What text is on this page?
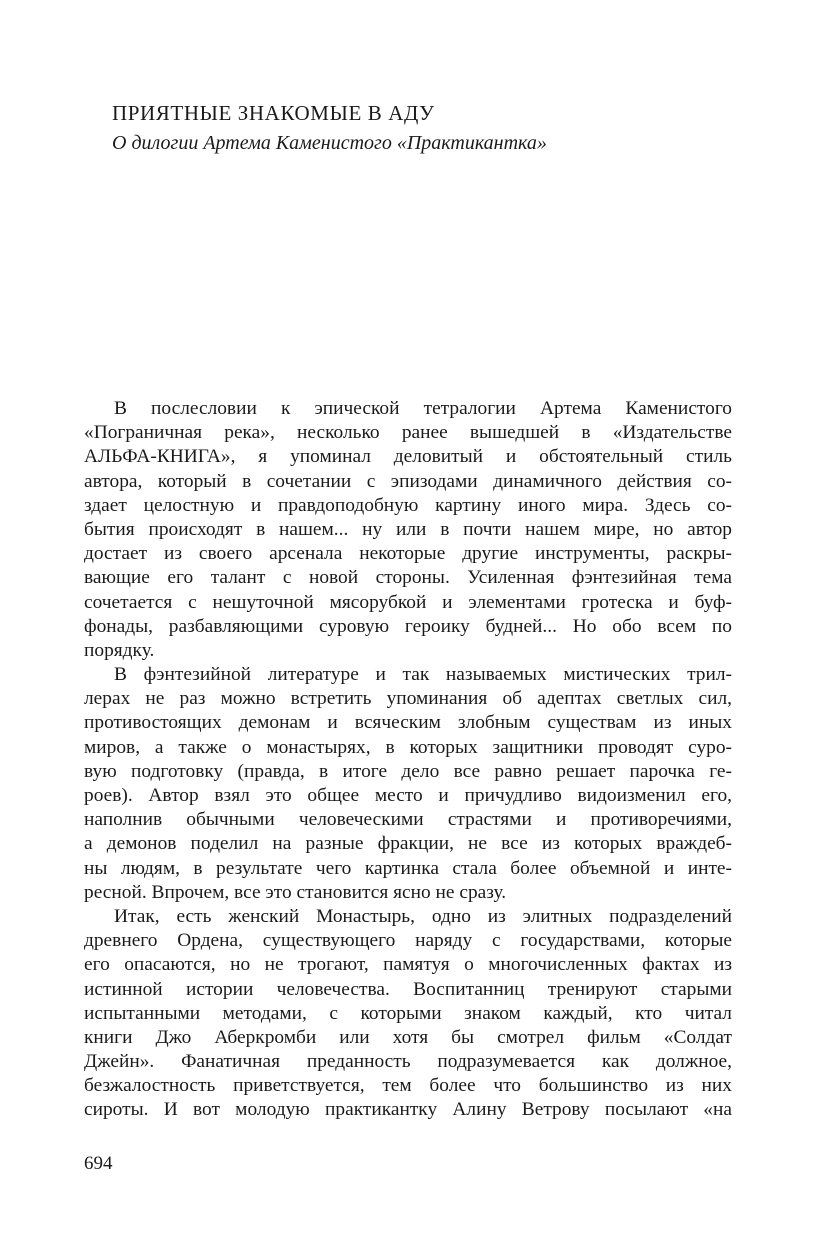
ПРИЯТНЫЕ ЗНАКОМЫЕ В АДУ

О дилогии Артема Каменистого «Практикантка»

В послесловии к эпической тетралогии Артема Каменистого
«Пограничная река», несколько ранее вышедшей в «Издательстве
АЛЬФА-КНИГА», я упоминал деловитый и обстоятельный стиль
автора, который в сочетании с эпизодами динамичного действия со-
здает целостную и правдоподобную картину иного мира. Здесь со-
бытия происходят в нашем... ну или в почти нашем мире, но автор
достает из своего арсенала некоторые другие инструменты, раскры-
вающие его талант с новой стороны. Усиленная фэнтезийная тема
сочетается с нешуточной мясорубкой и элементами гротеска и буф-
фонады, разбавляющими суровую героику будней... Но обо всем по
порядку.
В фэнтезийной литературе и так называемых мистических трил-
лерах не раз можно встретить упоминания об адептах светлых сил,
противостоящих демонам и всяческим злобным существам из иных
миров, а также о монастырях, в которых защитники проводят суро-
вую подготовку (правда, в итоге дело все равно решает парочка ге-
роев). Автор взял это общее место и причудливо видоизменил его,
наполнив обычными человеческими страстями и противоречиями,
а демонов поделил на разные фракции, не все из которых враждеб-
ны людям, в результате чего картинка стала более объемной и инте-
ресной. Впрочем, все это становится ясно не сразу.
Итак, есть женский Монастырь, одно из элитных подразделений
древнего Ордена, существующего наряду с государствами, которые
его опасаются, но не трогают, памятуя о многочисленных фактах из
истинной истории человечества. Воспитанниц тренируют старыми
испытанными методами, с которыми знаком каждый, кто читал
книги Джо Аберкромби или хотя бы смотрел фильм «Солдат
Джейн». Фанатичная преданность подразумевается как должное,
безжалостность приветствуется, тем более что большинство из них
сироты. И вот молодую практикантку Алину Ветрову посылают «на
694
